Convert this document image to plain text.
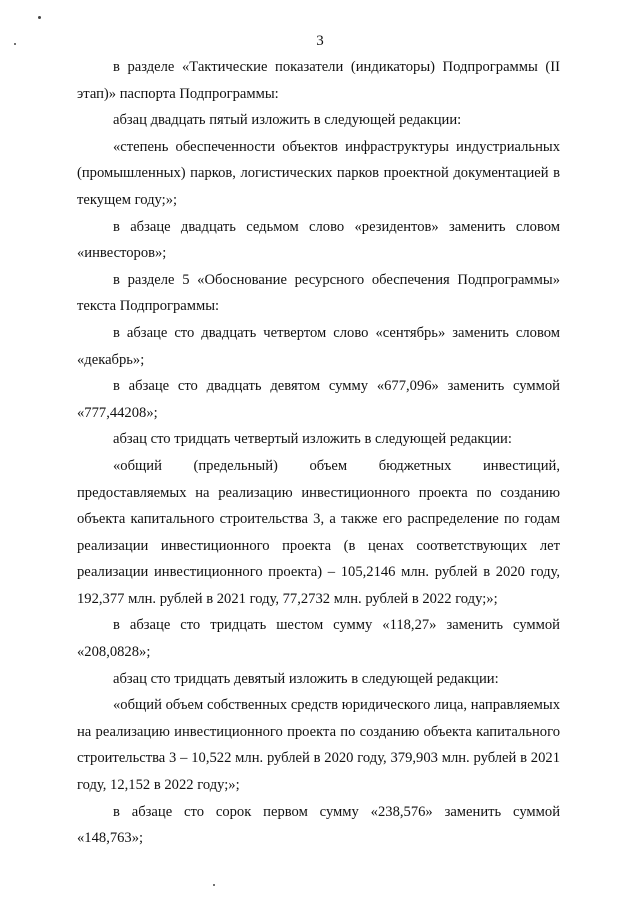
3

в разделе «Тактические показатели (индикаторы) Подпрограммы (II этап)» паспорта Подпрограммы:

абзац двадцать пятый изложить в следующей редакции:

«степень обеспеченности объектов инфраструктуры индустриальных (промышленных) парков, логистических парков проектной документацией в текущем году;»;

в абзаце двадцать седьмом слово «резидентов» заменить словом «инвесторов»;

в разделе 5 «Обоснование ресурсного обеспечения Подпрограммы» текста Подпрограммы:

в абзаце сто двадцать четвертом слово «сентябрь» заменить словом «декабрь»;

в абзаце сто двадцать девятом сумму «677,096» заменить суммой «777,44208»;

абзац сто тридцать четвертый изложить в следующей редакции:

«общий (предельный) объем бюджетных инвестиций, предоставляемых на реализацию инвестиционного проекта по созданию объекта капитального строительства 3, а также его распределение по годам реализации инвестиционного проекта (в ценах соответствующих лет реализации инвестиционного проекта) – 105,2146 млн. рублей в 2020 году, 192,377 млн. рублей в 2021 году, 77,2732 млн. рублей в 2022 году;»;

в абзаце сто тридцать шестом сумму «118,27» заменить суммой «208,0828»;

абзац сто тридцать девятый изложить в следующей редакции:

«общий объем собственных средств юридического лица, направляемых на реализацию инвестиционного проекта по созданию объекта капитального строительства 3 – 10,522 млн. рублей в 2020 году, 379,903 млн. рублей в 2021 году, 12,152 в 2022 году;»;

в абзаце сто сорок первом сумму «238,576» заменить суммой «148,763»;
